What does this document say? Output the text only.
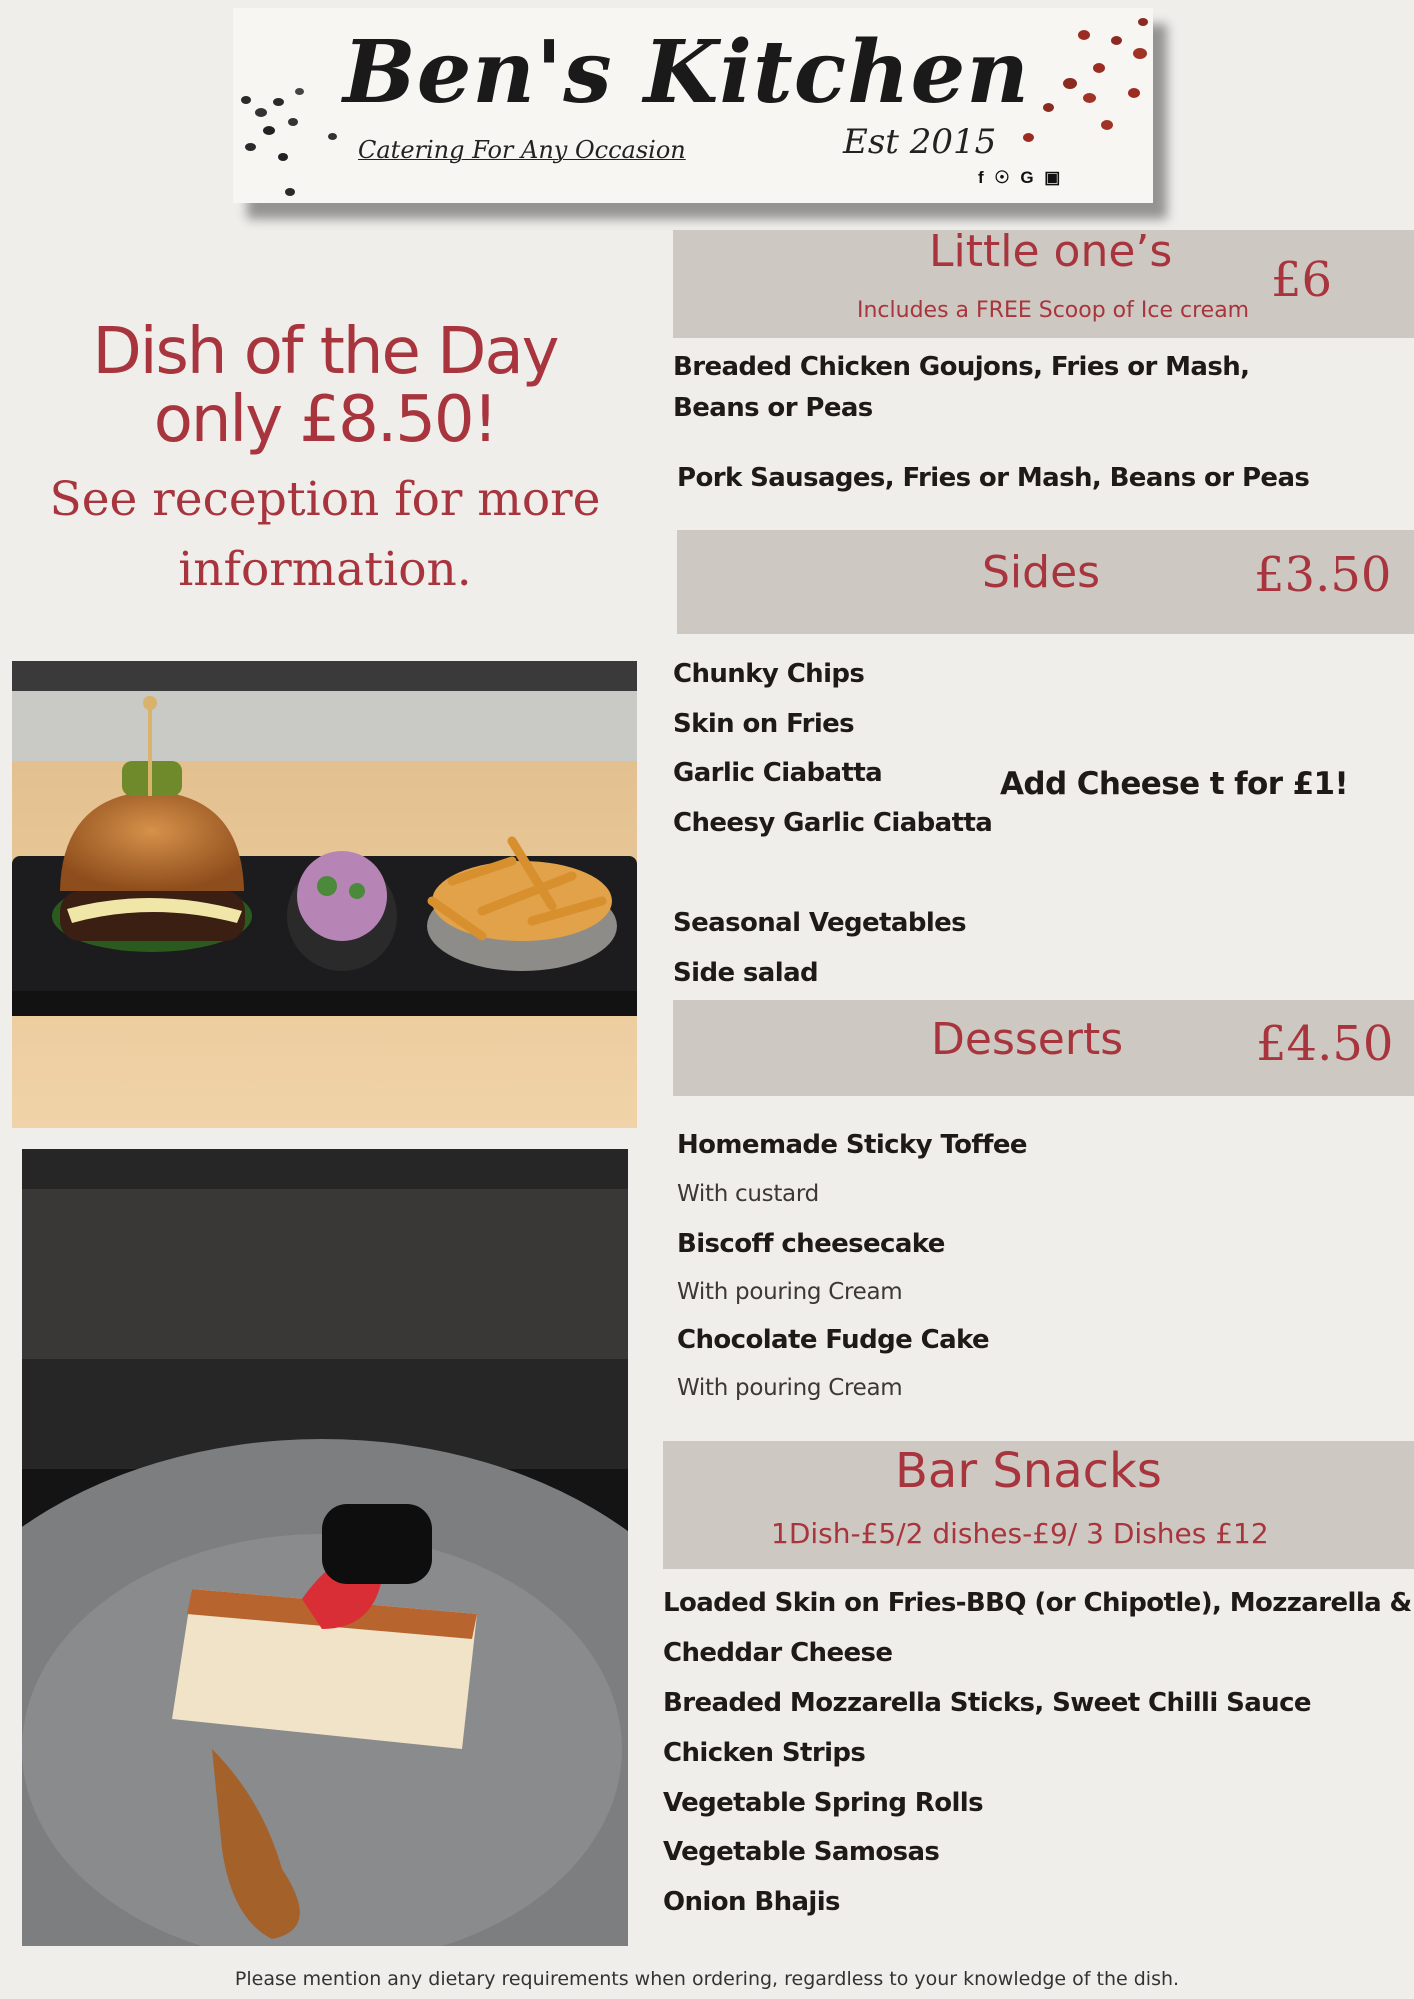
Ben's Kitchen
Catering For Any Occasion	Est 2015
f ☉ G ▣
Dish of the Day
only £8.50!
See reception for more
information.
Little one’s
Includes a FREE Scoop of Ice cream
£6
Breaded Chicken Goujons, Fries or Mash,
Beans or Peas
Pork Sausages, Fries or Mash, Beans or Peas
Sides	£3.50
Chunky Chips
Skin on Fries
Garlic Ciabatta
Cheesy Garlic Ciabatta
Seasonal Vegetables
Side salad
Add Cheese t for £1!
Desserts	£4.50
Homemade Sticky Toffee
With custard
Biscoff cheesecake
With pouring Cream
Chocolate Fudge Cake
With pouring Cream
Bar Snacks
1Dish-£5/2 dishes-£9/ 3 Dishes £12
Loaded Skin on Fries-BBQ (or Chipotle), Mozzarella &
Cheddar Cheese
Breaded Mozzarella Sticks, Sweet Chilli Sauce
Chicken Strips
Vegetable Spring Rolls
Vegetable Samosas
Onion Bhajis
Please mention any dietary requirements when ordering, regardless to your knowledge of the dish.
